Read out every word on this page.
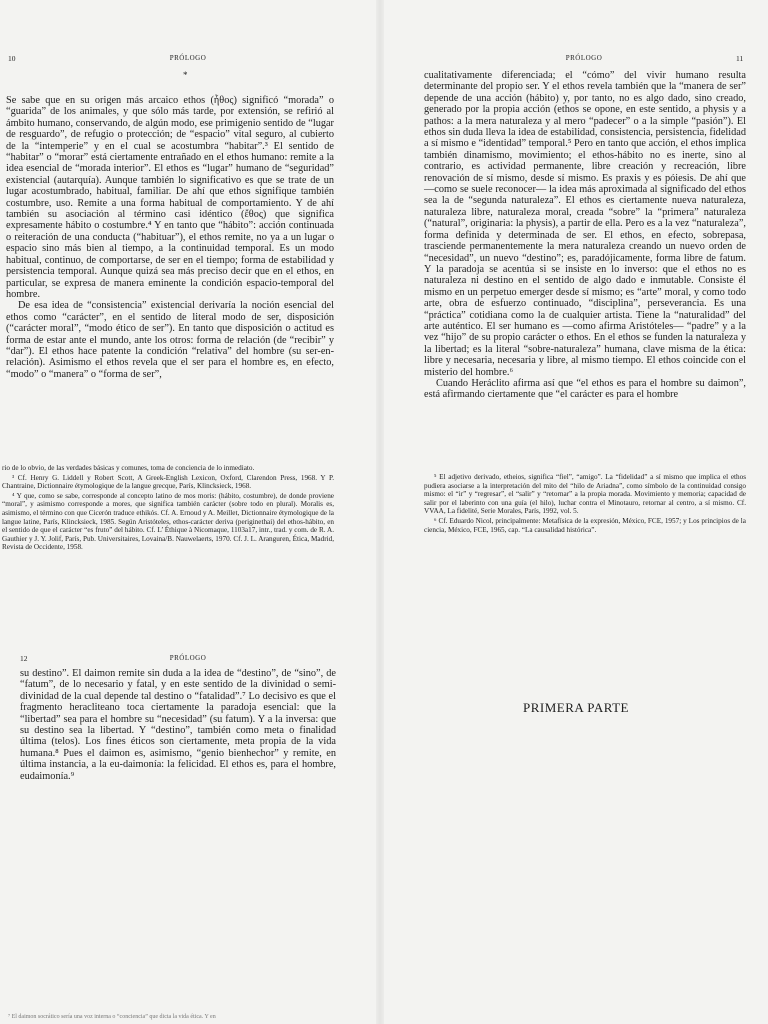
10	PRÓLOGO
*

Se sabe que en su origen más arcaico ethos (ἦθος) significó “morada” o “guarida” de los animales, y que sólo más tarde, por extensión, se refirió al ámbito humano, conservando, de algún modo, ese primigenio sentido de “lugar de resguardo”, de refugio o protección; de “espacio” vital seguro, al cubierto de la “intemperie” y en el cual se acostumbra “habitar”.³ El sentido de “habitar” o “morar” está ciertamente entrañado en el ethos humano: remite a la idea esencial de “morada interior”. El ethos es “lugar” humano de “seguridad” existencial (autarquía). Aunque también lo significativo es que se trate de un lugar acostumbrado, habitual, familiar. De ahí que ethos signifique también costumbre, uso. Remite a una forma habitual de comportamiento. Y de ahí también su asociación al término casi idéntico (ἔθος) que significa expresamente hábito o costumbre.⁴ Y en tanto que “hábito”: acción continuada o reiteración de una conducta (“habituar”), el ethos remite, no ya a un lugar o espacio sino más bien al tiempo, a la continuidad temporal. Es un modo habitual, continuo, de comportarse, de ser en el tiempo; forma de estabilidad y persistencia temporal. Aunque quizá sea más preciso decir que en el ethos, en particular, se expresa de manera eminente la condición espacio-temporal del hombre.

De esa idea de “consistencia” existencial derivaría la noción esencial del ethos como “carácter”, en el sentido de literal modo de ser, disposición (“carácter moral”, “modo ético de ser”). En tanto que disposición o actitud es forma de estar ante el mundo, ante los otros: forma de relación (de “recibir” y “dar”). El ethos hace patente la condición “relativa” del hombre (su ser-en-relación). Asimismo el ethos revela que el ser para el hombre es, en efecto, “modo” o “manera” o “forma de ser”,

rio de lo obvio, de las verdades básicas y comunes, toma de conciencia de lo inmediato.

³ Cf. Henry G. Liddell y Robert Scott, A Greek-English Lexicon, Oxford, Clarendon Press, 1968. Y P. Chantraine, Dictionnaire étymologique de la langue grecque, París, Klincksieck, 1968.

⁴ Y que, como se sabe, corresponde al concepto latino de mos moris: (hábito, costumbre), de donde proviene “moral”, y asimismo corresponde a mores, que significa también carácter (sobre todo en plural). Moralis es, asimismo, el término con que Cicerón traduce ethikós. Cf. A. Ernoud y A. Meillet, Dictionnaire étymologique de la langue latine, París, Klincksieck, 1985. Según Aristóteles, ethos-carácter deriva (periginethai) del ethos-hábito, en el sentido de que el carácter “es fruto” del hábito. Cf. L’ Éthique à Nicomaque, 1103a17, intr., trad. y com. de R. A. Gauthier y J. Y. Jolif, París, Pub. Universitaires, Lovaina/B. Nauwelaerts, 1970. Cf. J. L. Aranguren, Ética, Madrid, Revista de Occidente, 1958.

PRÓLOGO	11

cualitativamente diferenciada; el “cómo” del vivir humano resulta determinante del propio ser. Y el ethos revela también que la “manera de ser” depende de una acción (hábito) y, por tanto, no es algo dado, sino creado, generado por la propia acción (ethos se opone, en este sentido, a physis y a pathos: a la mera naturaleza y al mero “padecer” o a la simple “pasión”). El ethos sin duda lleva la idea de estabilidad, consistencia, persistencia, fidelidad a sí mismo e “identidad” temporal.⁵ Pero en tanto que acción, el ethos implica también dinamismo, movimiento; el ethos-hábito no es inerte, sino al contrario, es actividad permanente, libre creación y recreación, libre renovación de sí mismo, desde sí mismo. Es praxis y es póiesis. De ahí que —como se suele reconocer— la idea más aproximada al significado del ethos sea la de “segunda naturaleza”. El ethos es ciertamente nueva naturaleza, naturaleza libre, naturaleza moral, creada “sobre” la “primera” naturaleza (“natural”, originaria: la physis), a partir de ella. Pero es a la vez “naturaleza”, forma definida y determinada de ser. El ethos, en efecto, sobrepasa, trasciende permanentemente la mera naturaleza creando un nuevo orden de “necesidad”, un nuevo “destino”; es, paradójicamente, forma libre de fatum. Y la paradoja se acentúa si se insiste en lo inverso: que el ethos no es naturaleza ni destino en el sentido de algo dado e inmutable. Consiste él mismo en un perpetuo emerger desde sí mismo; es “arte” moral, y como todo arte, obra de esfuerzo continuado, “disciplina”, perseverancia. Es una “práctica” cotidiana como la de cualquier artista. Tiene la “naturalidad” del arte auténtico. El ser humano es —como afirma Aristóteles— “padre” y a la vez “hijo” de su propio carácter o ethos. En el ethos se funden la naturaleza y la libertad; es la literal “sobre-naturaleza” humana, clave misma de la ética: libre y necesaria, necesaria y libre, al mismo tiempo. El ethos coincide con el misterio del hombre.⁶

Cuando Heráclito afirma así que “el ethos es para el hombre su daimon”, está afirmando ciertamente que “el carácter es para el hombre

⁵ El adjetivo derivado, etheios, significa “fiel”, “amigo”. La “fidelidad” a sí mismo que implica el ethos pudiera asociarse a la interpretación del mito del “hilo de Ariadna”, como símbolo de la continuidad consigo mismo: el “ir” y “regresar”, el “salir” y “retornar” a la propia morada. Movimiento y memoria; capacidad de salir por el laberinto con una guía (el hilo), luchar contra el Minotauro, retornar al centro, a sí mismo. Cf. VVAA, La fidelité, Serie Morales, París, 1992, vol. 5.

⁶ Cf. Eduardo Nicol, principalmente: Metafísica de la expresión, México, FCE, 1957; y Los principios de la ciencia, México, FCE, 1965, cap. “La causalidad histórica”.

12	PRÓLOGO

su destino”. El daimon remite sin duda a la idea de “destino”, de “sino”, de “fatum”, de lo necesario y fatal, y en este sentido de la divinidad o semi-divinidad de la cual depende tal destino o “fatalidad”.⁷ Lo decisivo es que el fragmento heracliteano toca ciertamente la paradoja esencial: que la “libertad” sea para el hombre su “necesidad” (su fatum). Y a la inversa: que su destino sea la libertad. Y “destino”, también como meta o finalidad última (telos). Los fines éticos son ciertamente, meta propia de la vida humana.⁸ Pues el daimon es, asimismo, “genio bienhechor” y remite, en última instancia, a la eu-daimonía: la felicidad. El ethos es, para el hombre, eudaimonía.⁹

PRIMERA PARTE
⁷ El daimon socrático sería una voz interna o “conciencia” que dicta la vida ética. Y en
